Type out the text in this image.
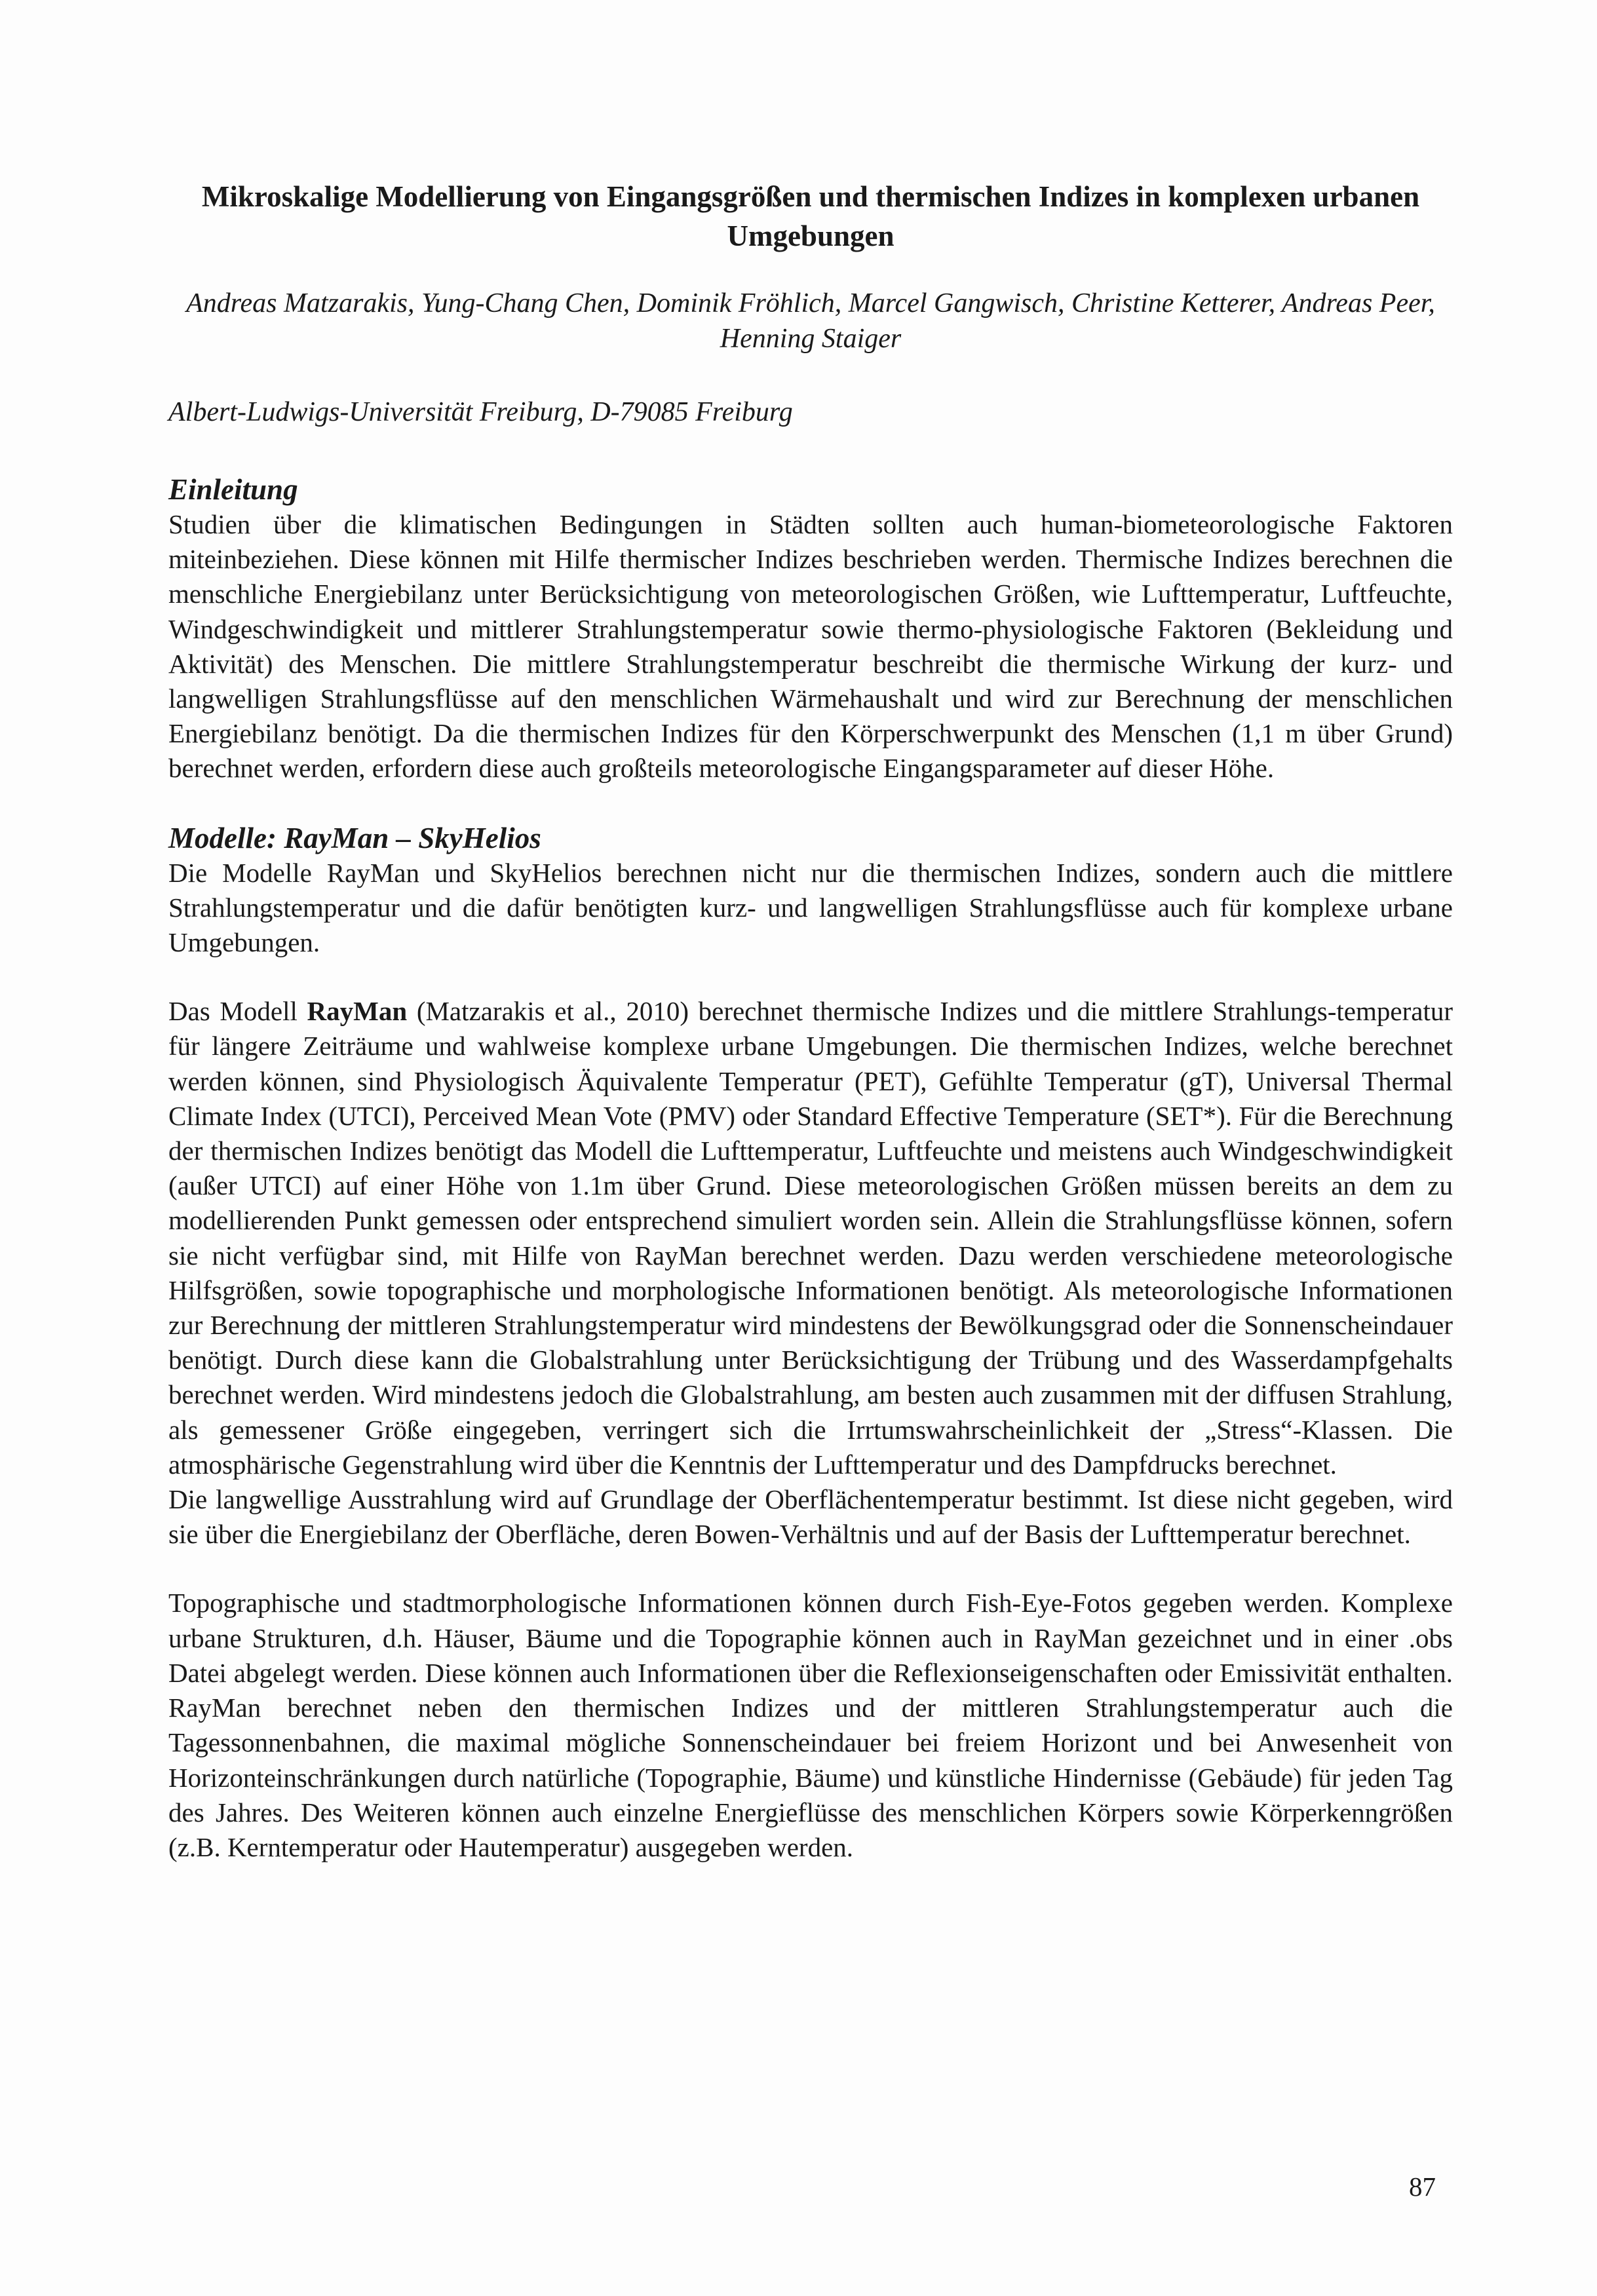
Mikroskalige Modellierung von Eingangsgrößen und thermischen Indizes in komplexen urbanen Umgebungen

Andreas Matzarakis, Yung-Chang Chen, Dominik Fröhlich, Marcel Gangwisch, Christine Ketterer, Andreas Peer, Henning Staiger

Albert-Ludwigs-Universität Freiburg, D-79085 Freiburg

Einleitung

Studien über die klimatischen Bedingungen in Städten sollten auch human-biometeorologische Faktoren miteinbeziehen. Diese können mit Hilfe thermischer Indizes beschrieben werden. Thermische Indizes berechnen die menschliche Energiebilanz unter Berücksichtigung von meteorologischen Größen, wie Lufttemperatur, Luftfeuchte, Windgeschwindigkeit und mittlerer Strahlungstemperatur sowie thermo-physiologische Faktoren (Bekleidung und Aktivität) des Menschen. Die mittlere Strahlungstemperatur beschreibt die thermische Wirkung der kurz- und langwelligen Strahlungsflüsse auf den menschlichen Wärmehaushalt und wird zur Berechnung der menschlichen Energiebilanz benötigt. Da die thermischen Indizes für den Körperschwerpunkt des Menschen (1,1 m über Grund) berechnet werden, erfordern diese auch großteils meteorologische Eingangsparameter auf dieser Höhe.

Modelle: RayMan – SkyHelios

Die Modelle RayMan und SkyHelios berechnen nicht nur die thermischen Indizes, sondern auch die mittlere Strahlungstemperatur und die dafür benötigten kurz- und langwelligen Strahlungsflüsse auch für komplexe urbane Umgebungen.

Das Modell RayMan (Matzarakis et al., 2010) berechnet thermische Indizes und die mittlere Strahlungs-temperatur für längere Zeiträume und wahlweise komplexe urbane Umgebungen. Die thermischen Indizes, welche berechnet werden können, sind Physiologisch Äquivalente Temperatur (PET), Gefühlte Temperatur (gT), Universal Thermal Climate Index (UTCI), Perceived Mean Vote (PMV) oder Standard Effective Temperature (SET*). Für die Berechnung der thermischen Indizes benötigt das Modell die Lufttemperatur, Luftfeuchte und meistens auch Windgeschwindigkeit (außer UTCI) auf einer Höhe von 1.1m über Grund. Diese meteorologischen Größen müssen bereits an dem zu modellierenden Punkt gemessen oder entsprechend simuliert worden sein. Allein die Strahlungsflüsse können, sofern sie nicht verfügbar sind, mit Hilfe von RayMan berechnet werden. Dazu werden verschiedene meteorologische Hilfsgrößen, sowie topographische und morphologische Informationen benötigt. Als meteorologische Informationen zur Berechnung der mittleren Strahlungstemperatur wird mindestens der Bewölkungsgrad oder die Sonnenscheindauer benötigt. Durch diese kann die Globalstrahlung unter Berücksichtigung der Trübung und des Wasserdampfgehalts berechnet werden. Wird mindestens jedoch die Globalstrahlung, am besten auch zusammen mit der diffusen Strahlung, als gemessener Größe eingegeben, verringert sich die Irrtumswahrscheinlichkeit der „Stress“-Klassen. Die atmosphärische Gegenstrahlung wird über die Kenntnis der Lufttemperatur und des Dampfdrucks berechnet.

Die langwellige Ausstrahlung wird auf Grundlage der Oberflächentemperatur bestimmt. Ist diese nicht gegeben, wird sie über die Energiebilanz der Oberfläche, deren Bowen-Verhältnis und auf der Basis der Lufttemperatur berechnet.

Topographische und stadtmorphologische Informationen können durch Fish-Eye-Fotos gegeben werden. Komplexe urbane Strukturen, d.h. Häuser, Bäume und die Topographie können auch in RayMan gezeichnet und in einer .obs Datei abgelegt werden. Diese können auch Informationen über die Reflexionseigenschaften oder Emissivität enthalten. RayMan berechnet neben den thermischen Indizes und der mittleren Strahlungstemperatur auch die Tagessonnenbahnen, die maximal mögliche Sonnenscheindauer bei freiem Horizont und bei Anwesenheit von Horizonteinschränkungen durch natürliche (Topographie, Bäume) und künstliche Hindernisse (Gebäude) für jeden Tag des Jahres. Des Weiteren können auch einzelne Energieflüsse des menschlichen Körpers sowie Körperkenngrößen (z.B. Kerntemperatur oder Hautemperatur) ausgegeben werden.

87
